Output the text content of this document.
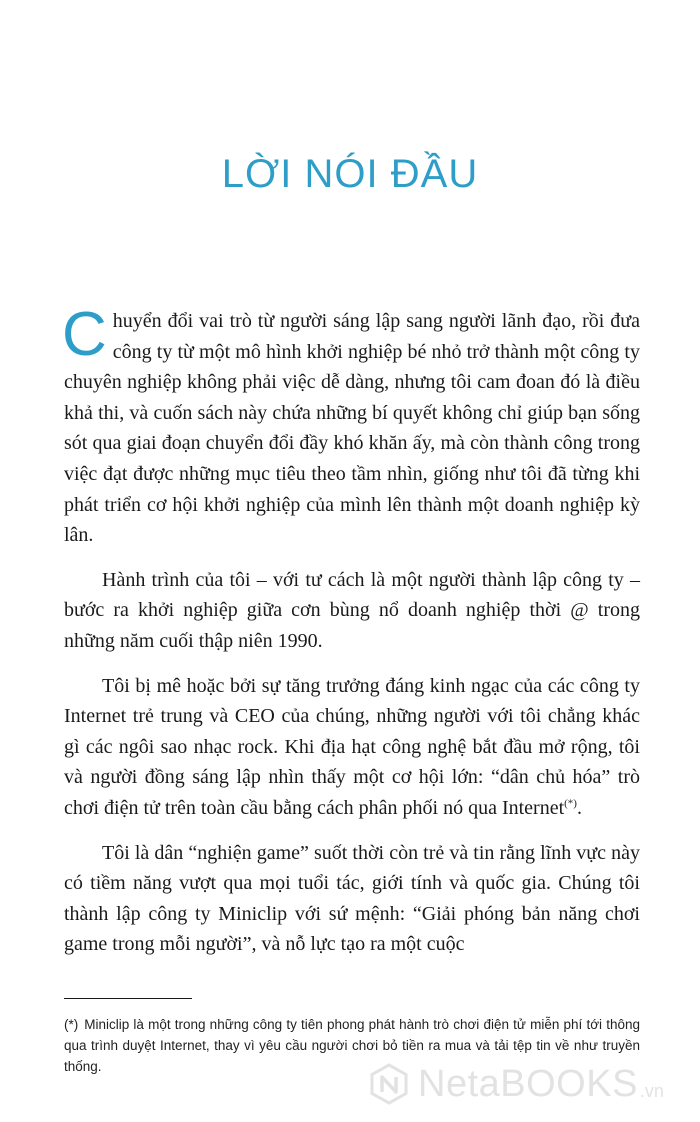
LỜI NÓI ĐẦU

Chuyển đổi vai trò từ người sáng lập sang người lãnh đạo, rồi đưa công ty từ một mô hình khởi nghiệp bé nhỏ trở thành một công ty chuyên nghiệp không phải việc dễ dàng, nhưng tôi cam đoan đó là điều khả thi, và cuốn sách này chứa những bí quyết không chỉ giúp bạn sống sót qua giai đoạn chuyển đổi đầy khó khăn ấy, mà còn thành công trong việc đạt được những mục tiêu theo tầm nhìn, giống như tôi đã từng khi phát triển cơ hội khởi nghiệp của mình lên thành một doanh nghiệp kỳ lân.

Hành trình của tôi – với tư cách là một người thành lập công ty – bước ra khởi nghiệp giữa cơn bùng nổ doanh nghiệp thời @ trong những năm cuối thập niên 1990.

Tôi bị mê hoặc bởi sự tăng trưởng đáng kinh ngạc của các công ty Internet trẻ trung và CEO của chúng, những người với tôi chẳng khác gì các ngôi sao nhạc rock. Khi địa hạt công nghệ bắt đầu mở rộng, tôi và người đồng sáng lập nhìn thấy một cơ hội lớn: “dân chủ hóa” trò chơi điện tử trên toàn cầu bằng cách phân phối nó qua Internet(*).

Tôi là dân “nghiện game” suốt thời còn trẻ và tin rằng lĩnh vực này có tiềm năng vượt qua mọi tuổi tác, giới tính và quốc gia. Chúng tôi thành lập công ty Miniclip với sứ mệnh: “Giải phóng bản năng chơi game trong mỗi người”, và nỗ lực tạo ra một cuộc

(*) Miniclip là một trong những công ty tiên phong phát hành trò chơi điện tử miễn phí tới thông qua trình duyệt Internet, thay vì yêu cầu người chơi bỏ tiền ra mua và tải tệp tin về như truyền thống.	NetaBOOKS .vn
